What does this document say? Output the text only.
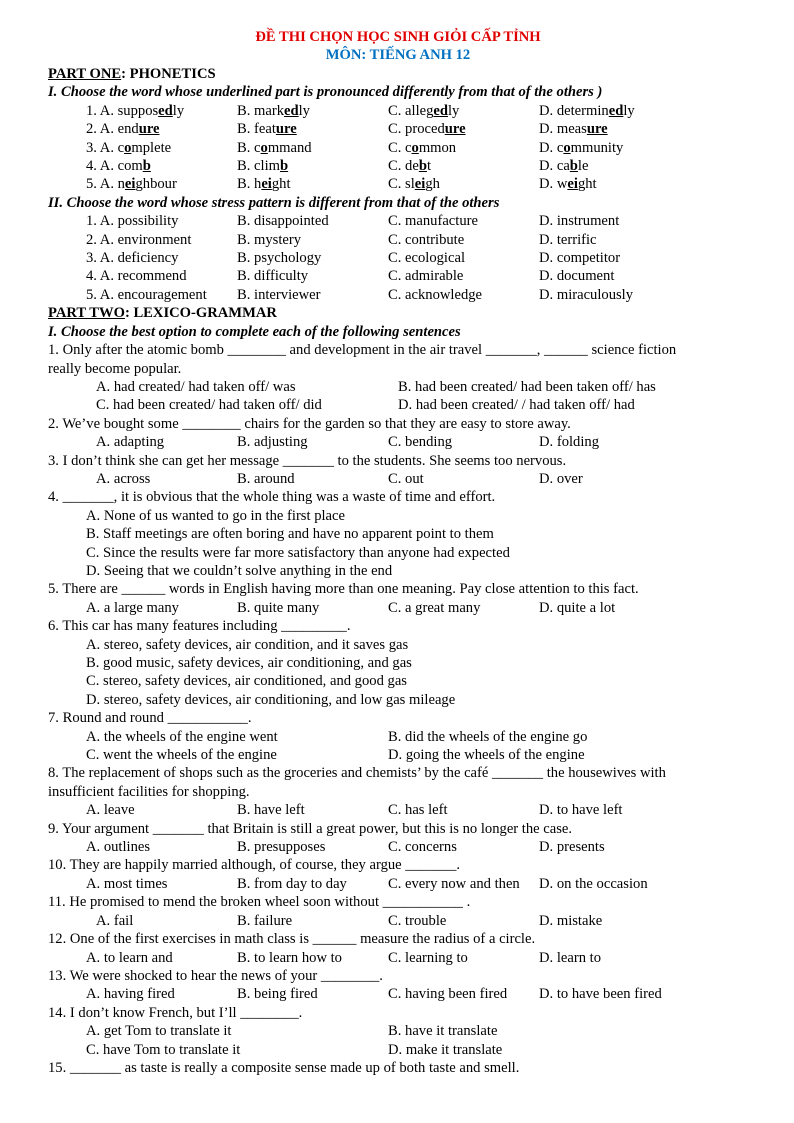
ĐỀ THI CHỌN HỌC SINH GIỎI CẤP TỈNH
MÔN: TIẾNG ANH 12
PART ONE: PHONETICS
I. Choose the word whose underlined part is pronounced differently from that of the others )
1. A. supposedly	B. markedly	C. allegedly	D. determinedly
2. A. endure	B. feature	C. procedure	D. measure
3. A. complete	B. command	C. common	D. community
4. A. comb	B. climb	C. debt	D. cable
5. A. neighbour	B. height	C. sleigh	D. weight
II. Choose the word whose stress pattern is different from that of the others
1. A. possibility	B. disappointed	C. manufacture	D. instrument
2. A. environment	B. mystery	C. contribute	D. terrific
3. A. deficiency	B. psychology	C. ecological	D. competitor
4. A. recommend	B. difficulty	C. admirable	D. document
5. A. encouragement	B. interviewer	C. acknowledge	D. miraculously
PART TWO: LEXICO-GRAMMAR
I. Choose the best option to complete each of the following sentences
1. Only after the atomic bomb ________ and development in the air travel _______, ______ science fiction
really become popular.
A. had created/ had taken off/ was	B. had been created/ had been taken off/ has
C. had been created/ had taken off/ did	D. had been created/ / had taken off/ had
2. We’ve bought some ________ chairs for the garden so that they are easy to store away.
A. adapting	B. adjusting	C. bending	D. folding
3. I don’t think she can get her message _______ to the students. She seems too nervous.
A. across	B. around	C. out	D. over
4. _______, it is obvious that the whole thing was a waste of time and effort.
A. None of us wanted to go in the first place
B. Staff meetings are often boring and have no apparent point to them
C. Since the results were far more satisfactory than anyone had expected
D. Seeing that we couldn’t solve anything in the end
5. There are ______ words in English having more than one meaning. Pay close attention to this fact.
A. a large many	B. quite many	C. a great many	D. quite a lot
6. This car has many features including _________.
A. stereo, safety devices, air condition, and it saves gas
B. good music, safety devices, air conditioning, and gas
C. stereo, safety devices, air conditioned, and good gas
D. stereo, safety devices, air conditioning, and low gas mileage
7. Round and round ___________.
A. the wheels of the engine went	B. did the wheels of the engine go
C. went the wheels of the engine	D. going the wheels of the engine
8. The replacement of shops such as the groceries and chemists’ by the café _______ the housewives with
insufficient facilities for shopping.
A. leave	B. have left	C. has left	D. to have left
9. Your argument _______ that Britain is still a great power, but this is no longer the case.
A. outlines	B. presupposes	C. concerns	D. presents
10. They are happily married although, of course, they argue _______.
A. most times	B. from day to day	C. every now and then	D. on the occasion
11. He promised to mend the broken wheel soon without ___________ .
A. fail	B. failure	C. trouble	D. mistake
12. One of the first exercises in math class is ______ measure the radius of a circle.
A. to learn and	B. to learn how to	C. learning to	D. learn to
13. We were shocked to hear the news of your ________.
A. having fired	B. being fired	C. having been fired	D. to have been fired
14. I don’t know French, but I’ll ________.
A. get Tom to translate it	B. have it translate
C. have Tom to translate it	D. make it translate
15. _______ as taste is really a composite sense made up of both taste and smell.
